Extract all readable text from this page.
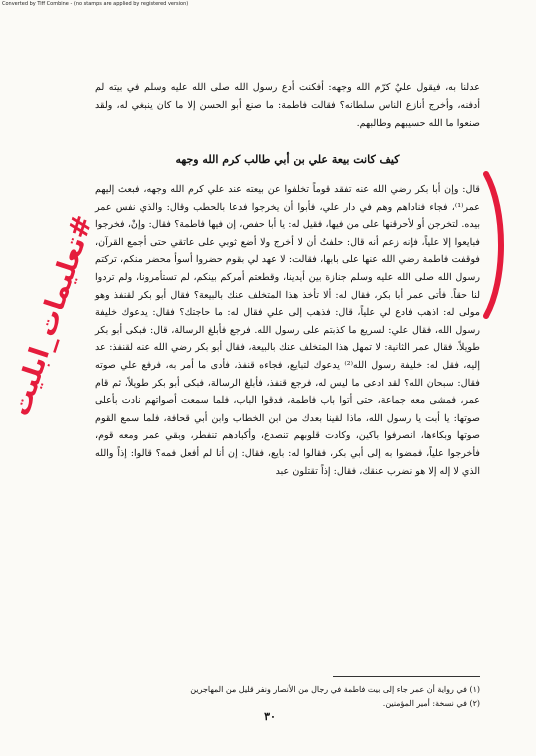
Converted by Tiff Combine - (no stamps are applied by registered version)
عدلنا به، فيقول عليٌ كرّم الله وجهه: أفكنت أدع رسول الله صلى الله عليه وسلم في بيته لم أدفنه، وأخرج أنازع الناس سلطانه؟ فقالت فاطمة: ما صنع أبو الحسن إلا ما كان ينبغي له، ولقد صنعوا ما الله حسيبهم وطالبهم.
كيف كانت بيعة علي بن أبي طالب كرم الله وجهه
قال: وإن أبا بكر رضي الله عنه تفقد قوماً تخلفوا عن بيعته عند علي كرم الله وجهه، فبعث إليهم عمر⁽¹⁾، فجاء فناداهم وهم في دار علي، فأبوا أن يخرجوا فدعا بالحطب وقال: والذي نفس عمر بيده. لتخرجن أو لأحرقنها على من فيها، فقيل له: يا أبا حفص، إن فيها فاطمة؟ فقال: وإنْ، فخرجوا فبايعوا إلا علياً، فإنه زعم أنه قال: حلفتُ أن لا أخرج ولا أضع ثوبي على عاتقي حتى أجمع القرآن، فوقفت فاطمة رضي الله عنها على بابها، فقالت: لا عهد لي بقوم حضروا أسوأ محضر منكم، تركتم رسول الله صلى الله عليه وسلم جنازة بين أيدينا، وقطعتم أمركم بينكم، لم تستأمرونا، ولم تردوا لنا حقاً. فأتى عمر أبا بكر، فقال له: ألا تأخذ هذا المتخلف عنك بالبيعة؟ فقال أبو بكر لقنفذ وهو مولى له: اذهب فادع لي علياً، قال: فذهب إلى علي فقال له: ما حاجتك؟ فقال: يدعوك خليفة رسول الله، فقال علي: لسريع ما كذبتم على رسول الله. فرجع فأبلغ الرسالة، قال: فبكى أبو بكر طويلاً. فقال عمر الثانية: لا تمهل هذا المتخلف عنك بالبيعة، فقال أبو بكر رضي الله عنه لقنفذ: عد إليه، فقل له: خليفة رسول الله⁽²⁾ يدعوك لتبايع، فجاءه قنفذ، فأدى ما أمر به، فرفع علي صوته فقال: سبحان الله؟ لقد ادعى ما ليس له، فرجع قنفذ، فأبلغ الرسالة، فبكى أبو بكر طويلاً، ثم قام عمر، فمشى معه جماعة، حتى أتوا باب فاطمة، فدقوا الباب، فلما سمعت أصواتهم نادت بأعلى صوتها: يا أبت يا رسول الله، ماذا لقينا بعدك من ابن الخطاب وابن أبي قحافة، فلما سمع القوم صوتها وبكاءها، انصرفوا باكين، وكادت قلوبهم تنصدع، وأكبادهم تنفطر، وبقي عمر ومعه قوم، فأخرجوا علياً، فمضوا به إلى أبي بكر، فقالوا له: بايع، فقال: إن أنا لم أفعل فمه؟ قالوا: إذاً والله الذي لا إله إلا هو نضرب عنقك، فقال: إذاً تقتلون عبد
(١) في رواية أن عمر جاء إلى بيت فاطمة في رجال من الأنصار ونفر قليل من المهاجرين
(٢) في نسخة: أمير المؤمنين.
٣٠
#تعليمات_ابليت
